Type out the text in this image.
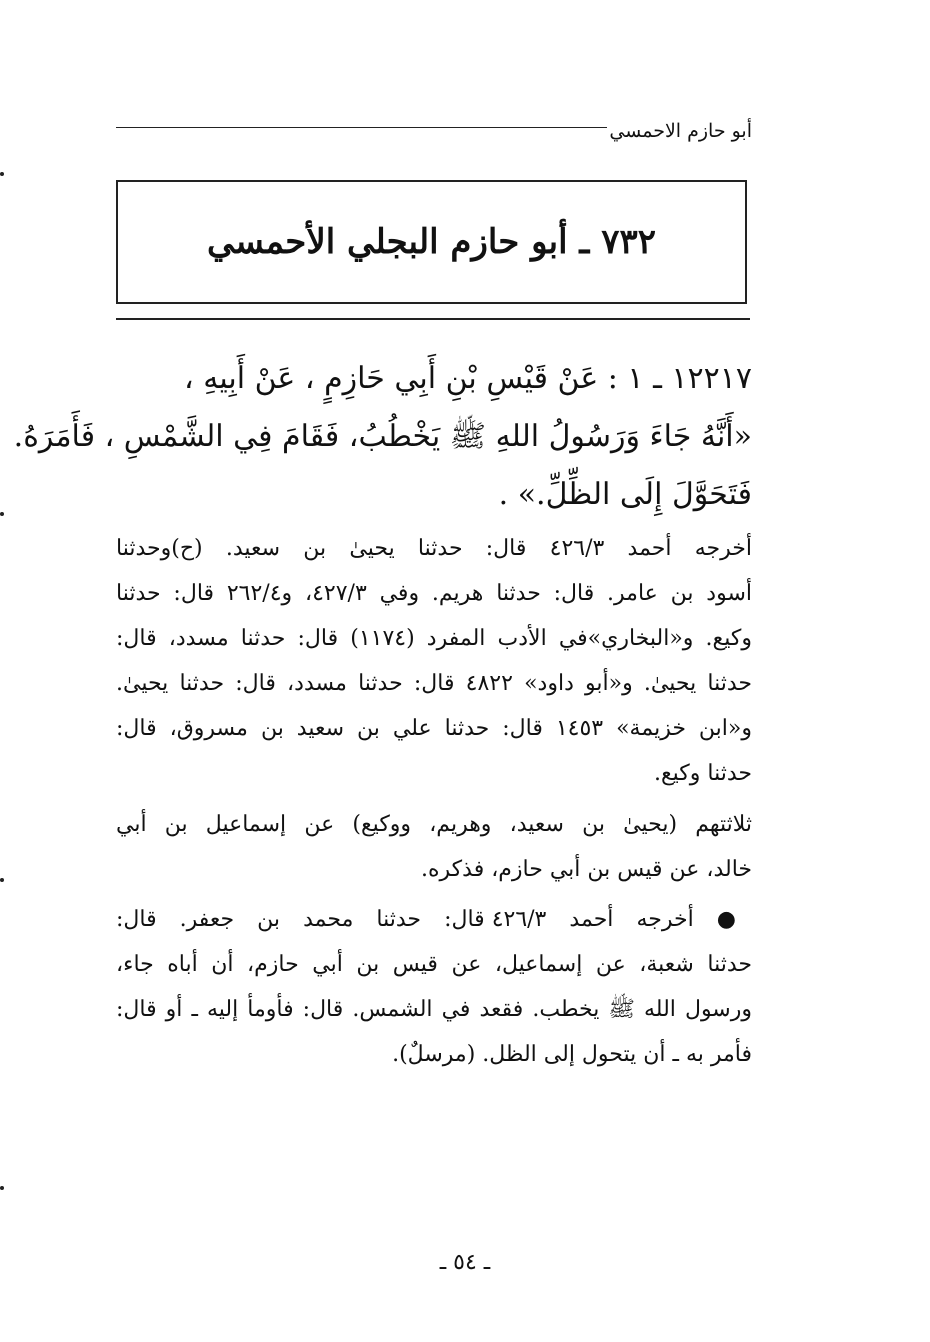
أبو حازم الاحمسي
٧٣٢ ـ أبو حازم البجلي الأحمسي
١٢٢١٧ ـ ١ : عَنْ قَيْسِ بْنِ أَبِي حَازِمٍ ، عَنْ أَبِيهِ ،
«أَنَّهُ جَاءَ وَرَسُولُ اللهِ ﷺ يَخْطُبُ، فَقَامَ فِي الشَّمْسِ ، فَأَمَرَهُ.
فَتَحَوَّلَ إِلَى الظِّلِّ.» .
أخرجه أحمد ٤٢٦/٣ قال: حدثنا يحيىٰ بن سعيد. (ح)وحدثنا
أسود بن عامر. قال: حدثنا هريم. وفي ٤٢٧/٣، و٢٦٢/٤ قال: حدثنا
وكيع. و«البخاري»في الأدب المفرد (١١٧٤) قال: حدثنا مسدد، قال:
حدثنا يحيىٰ. و«أبو داود» ٤٨٢٢ قال: حدثنا مسدد، قال: حدثنا يحيىٰ.
و«ابن خزيمة» ١٤٥٣ قال: حدثنا علي بن سعيد بن مسروق، قال:
حدثنا وكيع.
ثلاثتهم (يحيىٰ بن سعيد، وهريم، ووكيع) عن إسماعيل بن أبي
خالد، عن قيس بن أبي حازم، فذكره.
● أخرجه أحمد ٤٢٦/٣ قال: حدثنا محمد بن جعفر. قال:
حدثنا شعبة، عن إسماعيل، عن قيس بن أبي حازم، أن أباه جاء،
ورسول الله ﷺ يخطب. فقعد في الشمس. قال: فأومأ إليه ـ أو قال:
فأمر به ـ أن يتحول إلى الظل. (مرسلٌ).
ـ ٥٤ ـ
